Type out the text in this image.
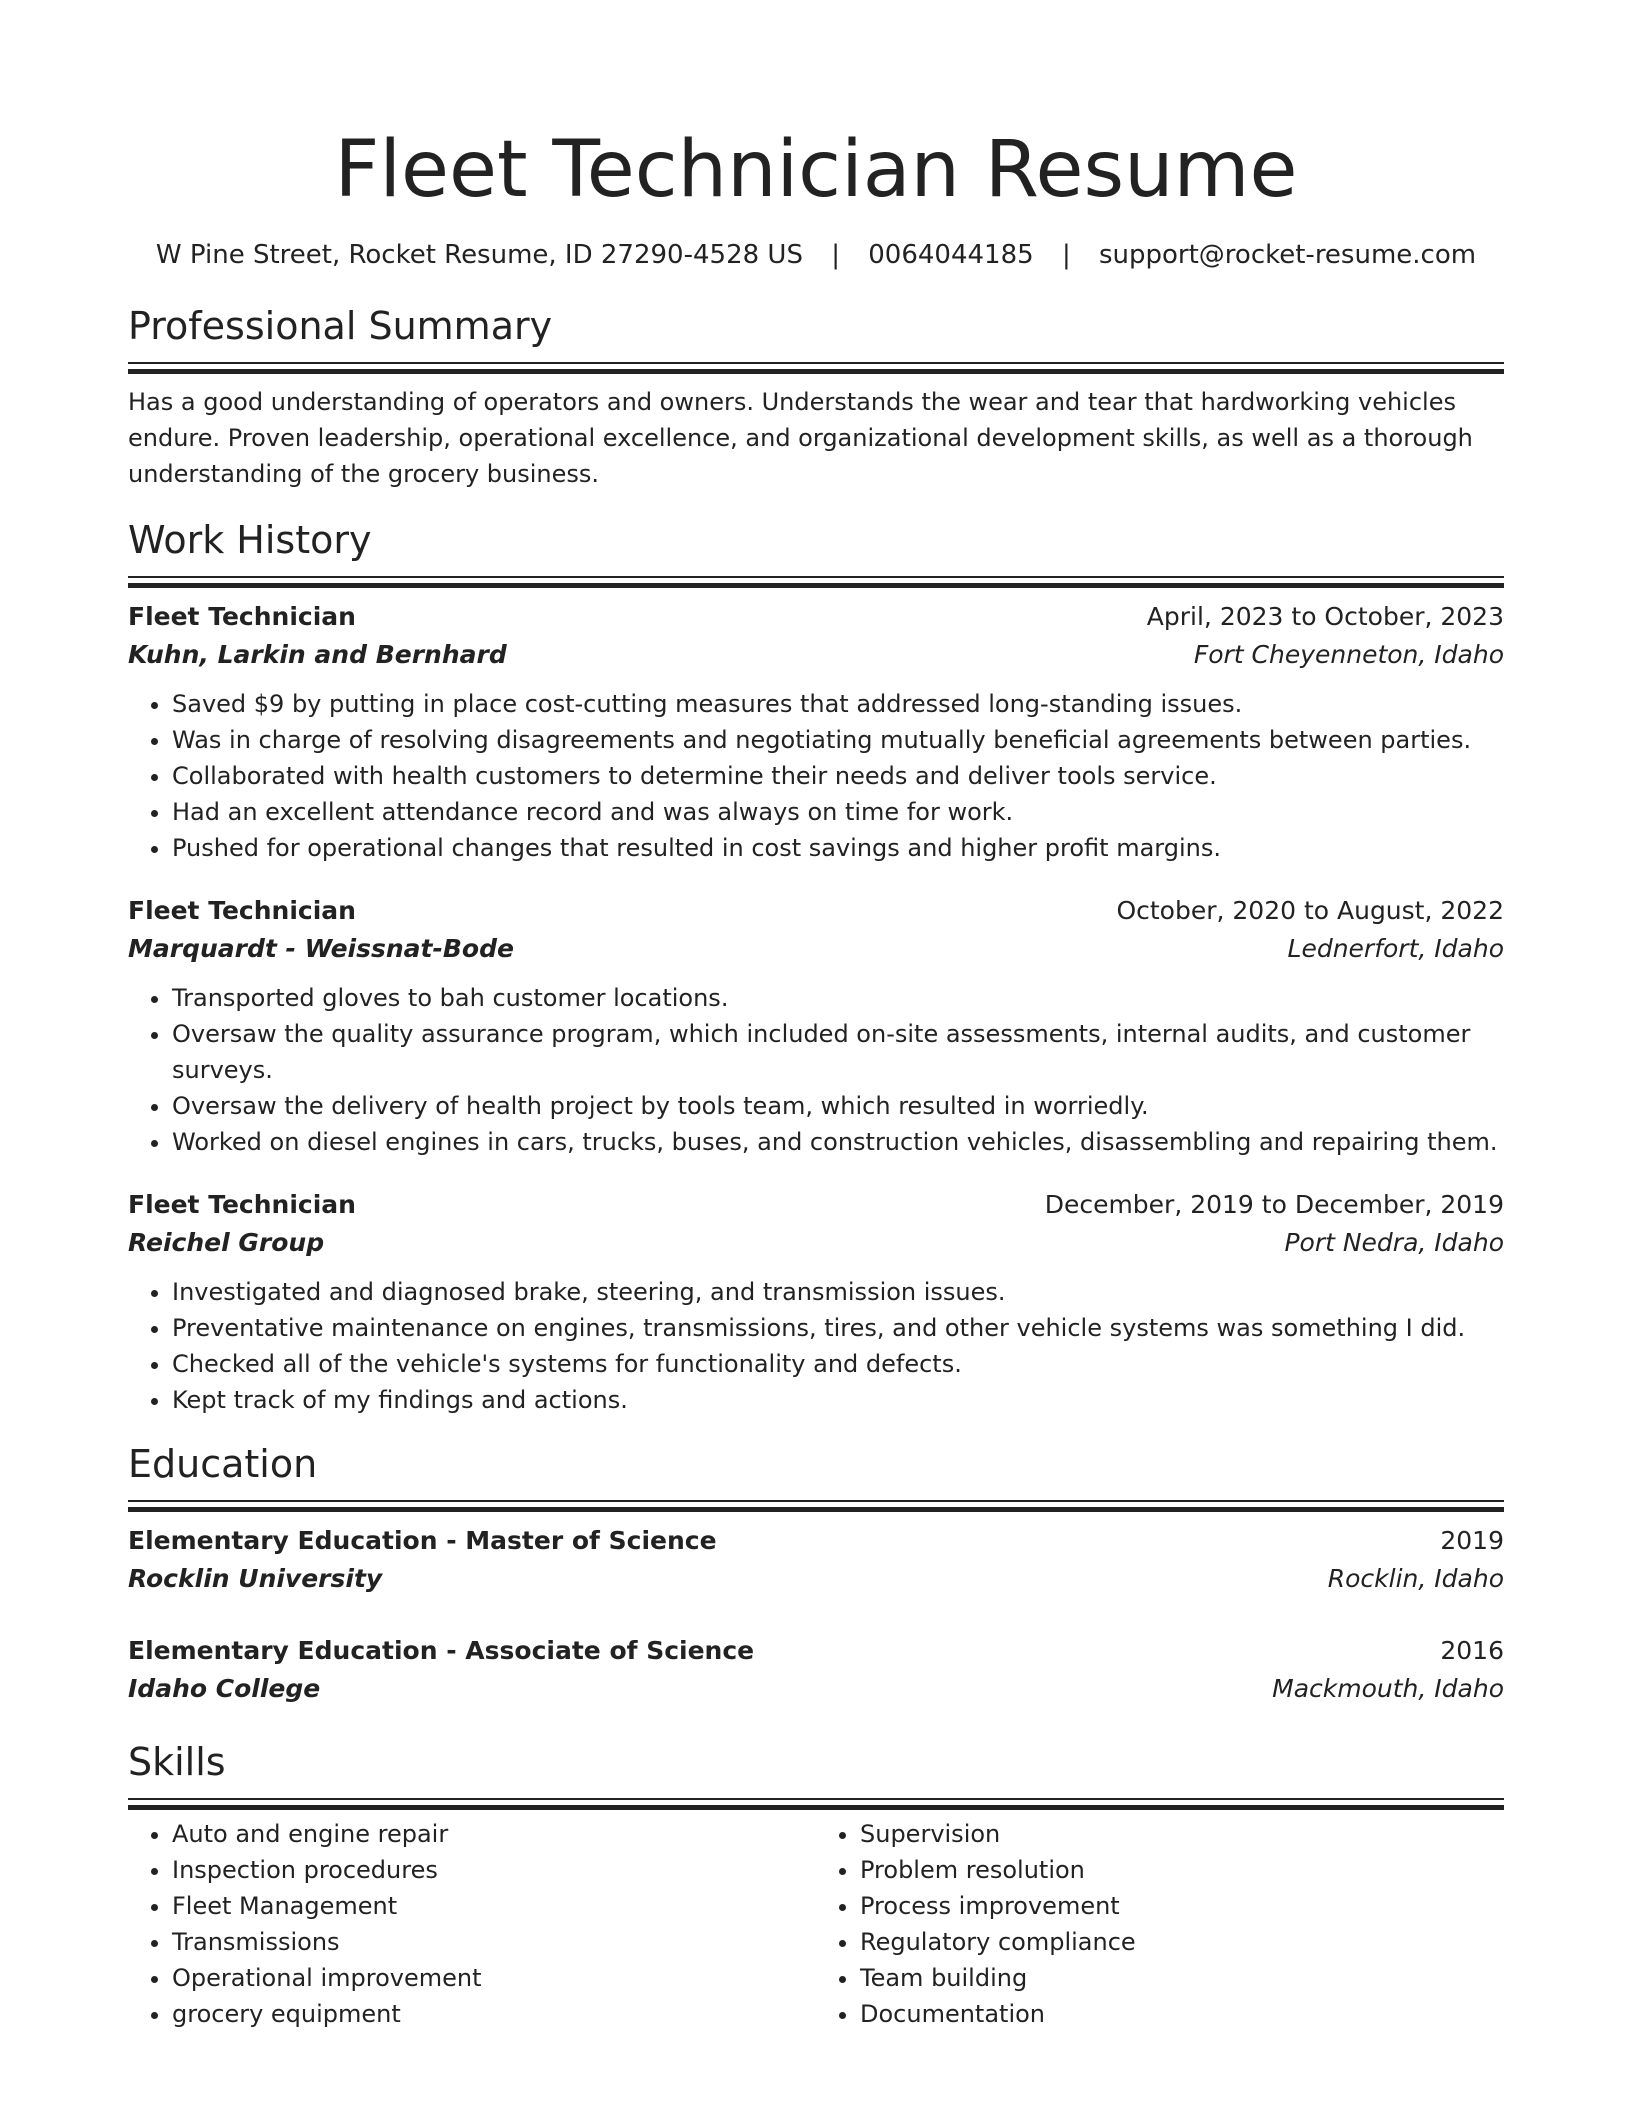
Fleet Technician Resume
W Pine Street, Rocket Resume, ID 27290-4528 US | 0064044185 | support@rocket-resume.com
Professional Summary

Has a good understanding of operators and owners. Understands the wear and tear that hardworking vehicles endure. Proven leadership, operational excellence, and organizational development skills, as well as a thorough understanding of the grocery business.

Work History
Fleet Technician	April, 2023 to October, 2023
Kuhn, Larkin and Bernhard	Fort Cheyenneton, Idaho
• Saved $9 by putting in place cost-cutting measures that addressed long-standing issues.
• Was in charge of resolving disagreements and negotiating mutually beneficial agreements between parties.
• Collaborated with health customers to determine their needs and deliver tools service.
• Had an excellent attendance record and was always on time for work.
• Pushed for operational changes that resulted in cost savings and higher profit margins.
Fleet Technician	October, 2020 to August, 2022
Marquardt - Weissnat-Bode	Lednerfort, Idaho
• Transported gloves to bah customer locations.
• Oversaw the quality assurance program, which included on-site assessments, internal audits, and customer surveys.
• Oversaw the delivery of health project by tools team, which resulted in worriedly.
• Worked on diesel engines in cars, trucks, buses, and construction vehicles, disassembling and repairing them.
Fleet Technician	December, 2019 to December, 2019
Reichel Group	Port Nedra, Idaho
• Investigated and diagnosed brake, steering, and transmission issues.
• Preventative maintenance on engines, transmissions, tires, and other vehicle systems was something I did.
• Checked all of the vehicle's systems for functionality and defects.
• Kept track of my findings and actions.
Education
Elementary Education - Master of Science	2019
Rocklin University	Rocklin, Idaho
Elementary Education - Associate of Science	2016
Idaho College	Mackmouth, Idaho
Skills
• Auto and engine repair
• Inspection procedures
• Fleet Management
• Transmissions
• Operational improvement
• grocery equipment
• Supervision
• Problem resolution
• Process improvement
• Regulatory compliance
• Team building
• Documentation
